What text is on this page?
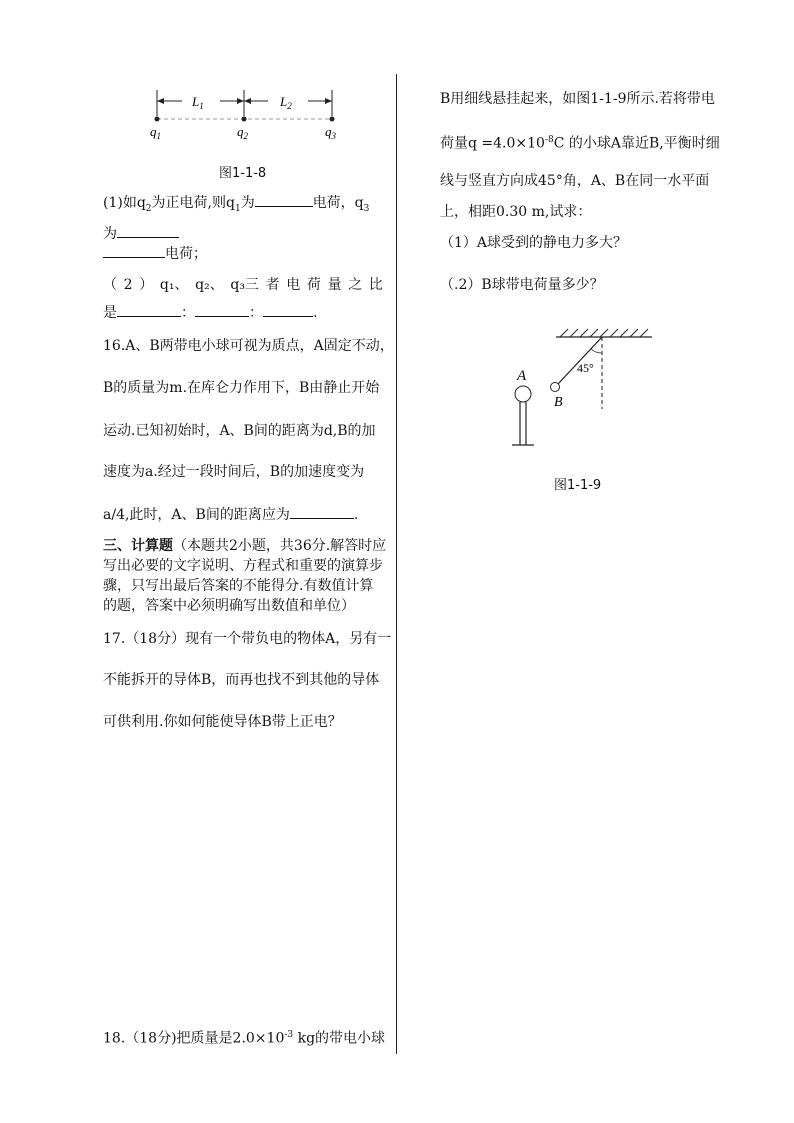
$L_1$	$L_2$
$q_1$	$q_2$	$q_3$
图1-1-8
(1)如$q_2$为正电荷,则$q_1$为	电荷，$q_3$
为
电荷；
（ 2 ） q₁、 q₂、 q₃三 者 电 荷 量 之 比
是	：	：	.
16.A、B两带电小球可视为质点，A固定不动，
B的质量为m.在库仑力作用下，B由静止开始
运动.已知初始时，A、B间的距离为d,B的加
速度为a.经过一段时间后，B的加速度变为
a/4,此时，A、B间的距离应为	.
三、计算题（本题共2小题，共36分.解答时应
写出必要的文字说明、方程式和重要的演算步
骤，只写出最后答案的不能得分.有数值计算
的题，答案中必须明确写出数值和单位）
17.（18分）现有一个带负电的物体A，另有一
不能拆开的导体B，而再也找不到其他的导体
可供利用.你如何能使导体B带上正电？
18.（18分)把质量是$2.0\times 10^{-3}$ kg的带电小球
B用细线悬挂起来，如图1-1-9所示.若将带电
荷量$q =4.0\times 10^{-8}C$ 的小球A靠近B,平衡时细
线与竖直方向成45°角，A、B在同一水平面
上，相距0.30 m,试求：
（1）A球受到的静电力多大？
（.2）B球带电荷量多少？
45°
B
A
图1-1-9
